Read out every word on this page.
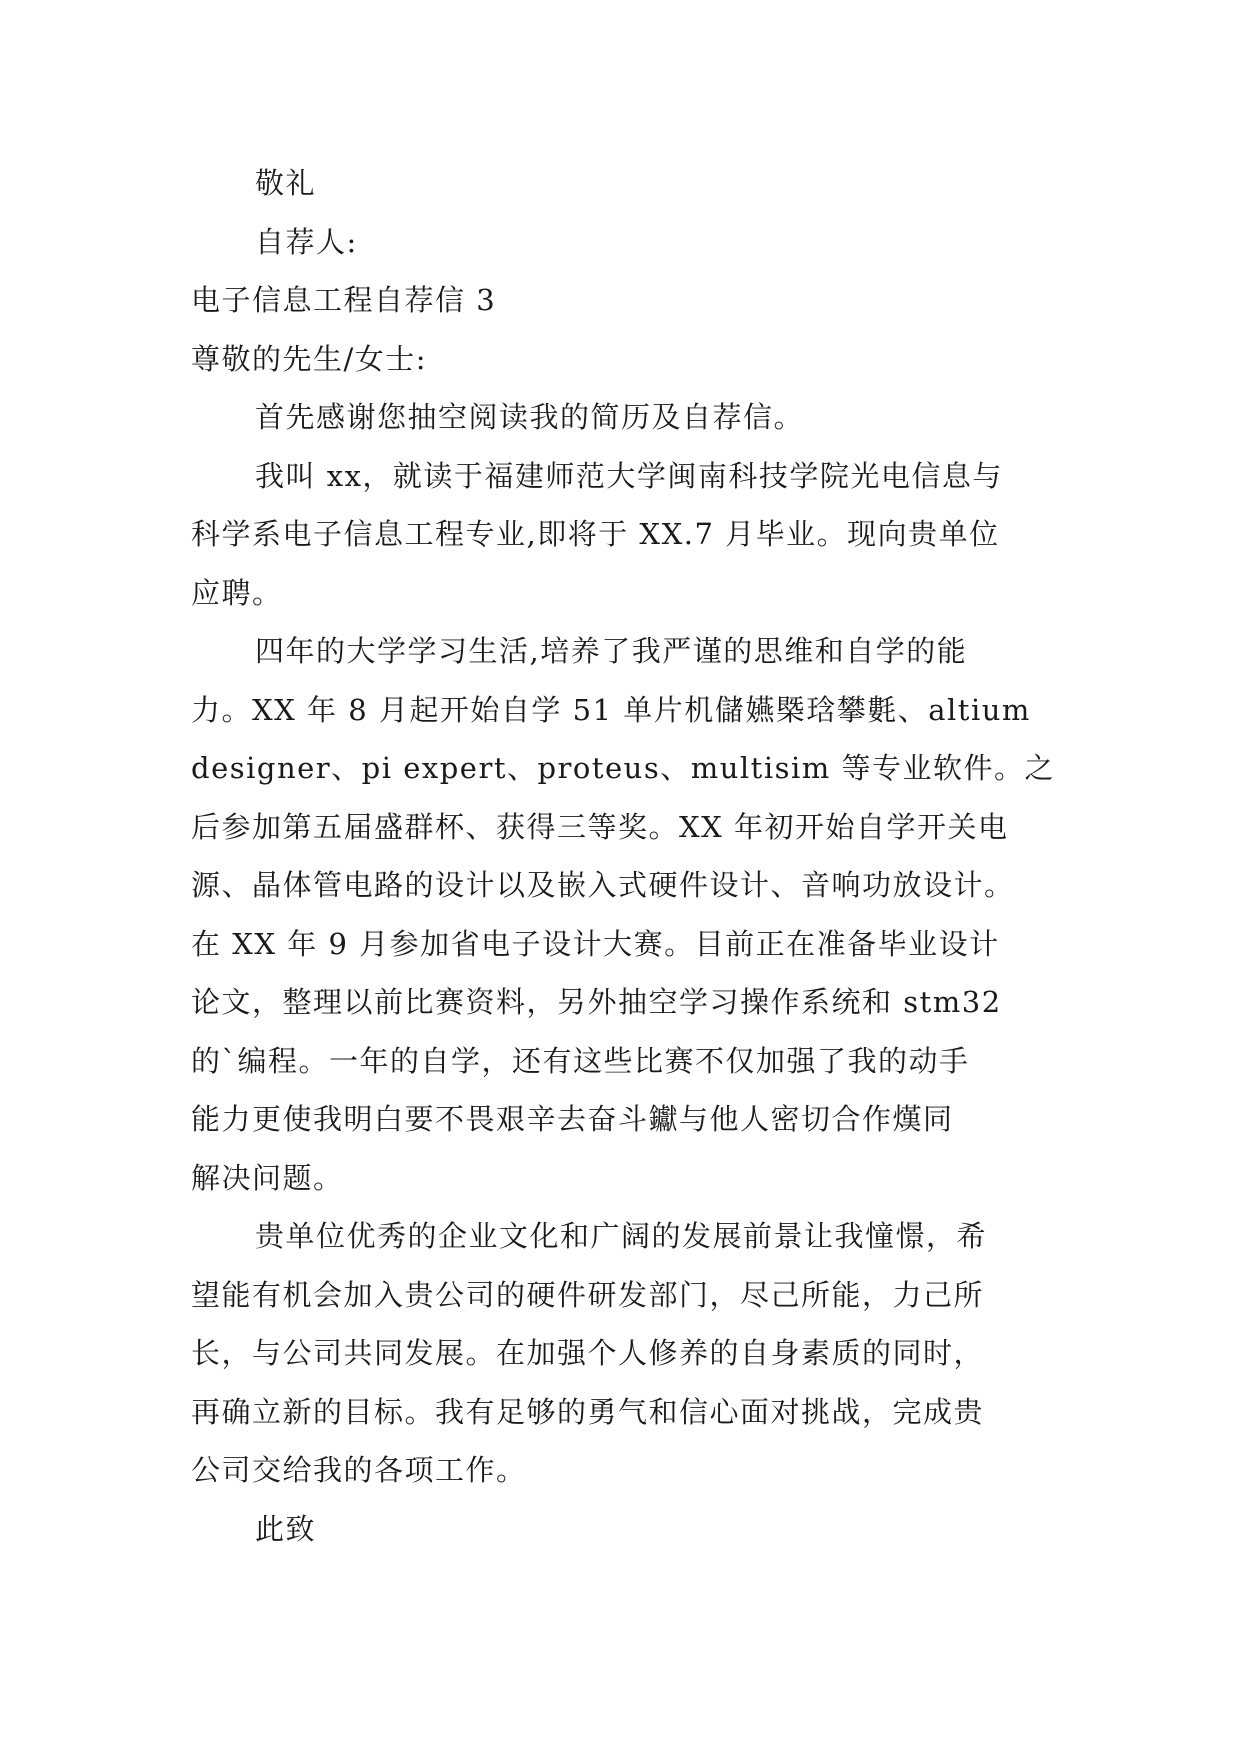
敬礼
自荐人:
电子信息工程自荐信 3
尊敬的先生/女士:
首先感谢您抽空阅读我的简历及自荐信。
我叫 xx，就读于福建师范大学闽南科技学院光电信息与
科学系电子信息工程专业,即将于 XX.7 月毕业。现向贵单位
应聘。
四年的大学学习生活,培养了我严谨的思维和自学的能
力。XX 年 8 月起开始自学 51 单片机儲嬿槩琀攀氀、altium
designer、pi expert、proteus、multisim 等专业软件。之
后参加第五届盛群杯、获得三等奖。XX 年初开始自学开关电
源、晶体管电路的设计以及嵌入式硬件设计、音响功放设计。
在 XX 年 9 月参加省电子设计大赛。目前正在准备毕业设计
论文，整理以前比赛资料，另外抽空学习操作系统和 stm32
的`编程。一年的自学，还有这些比赛不仅加强了我的动手
能力更使我明白要不畏艰辛去奋斗钀与他人密切合作熯同
解决问题。
贵单位优秀的企业文化和广阔的发展前景让我憧憬，希
望能有机会加入贵公司的硬件研发部门，尽己所能，力己所
长，与公司共同发展。在加强个人修养的自身素质的同时，
再确立新的目标。我有足够的勇气和信心面对挑战，完成贵
公司交给我的各项工作。
此致
